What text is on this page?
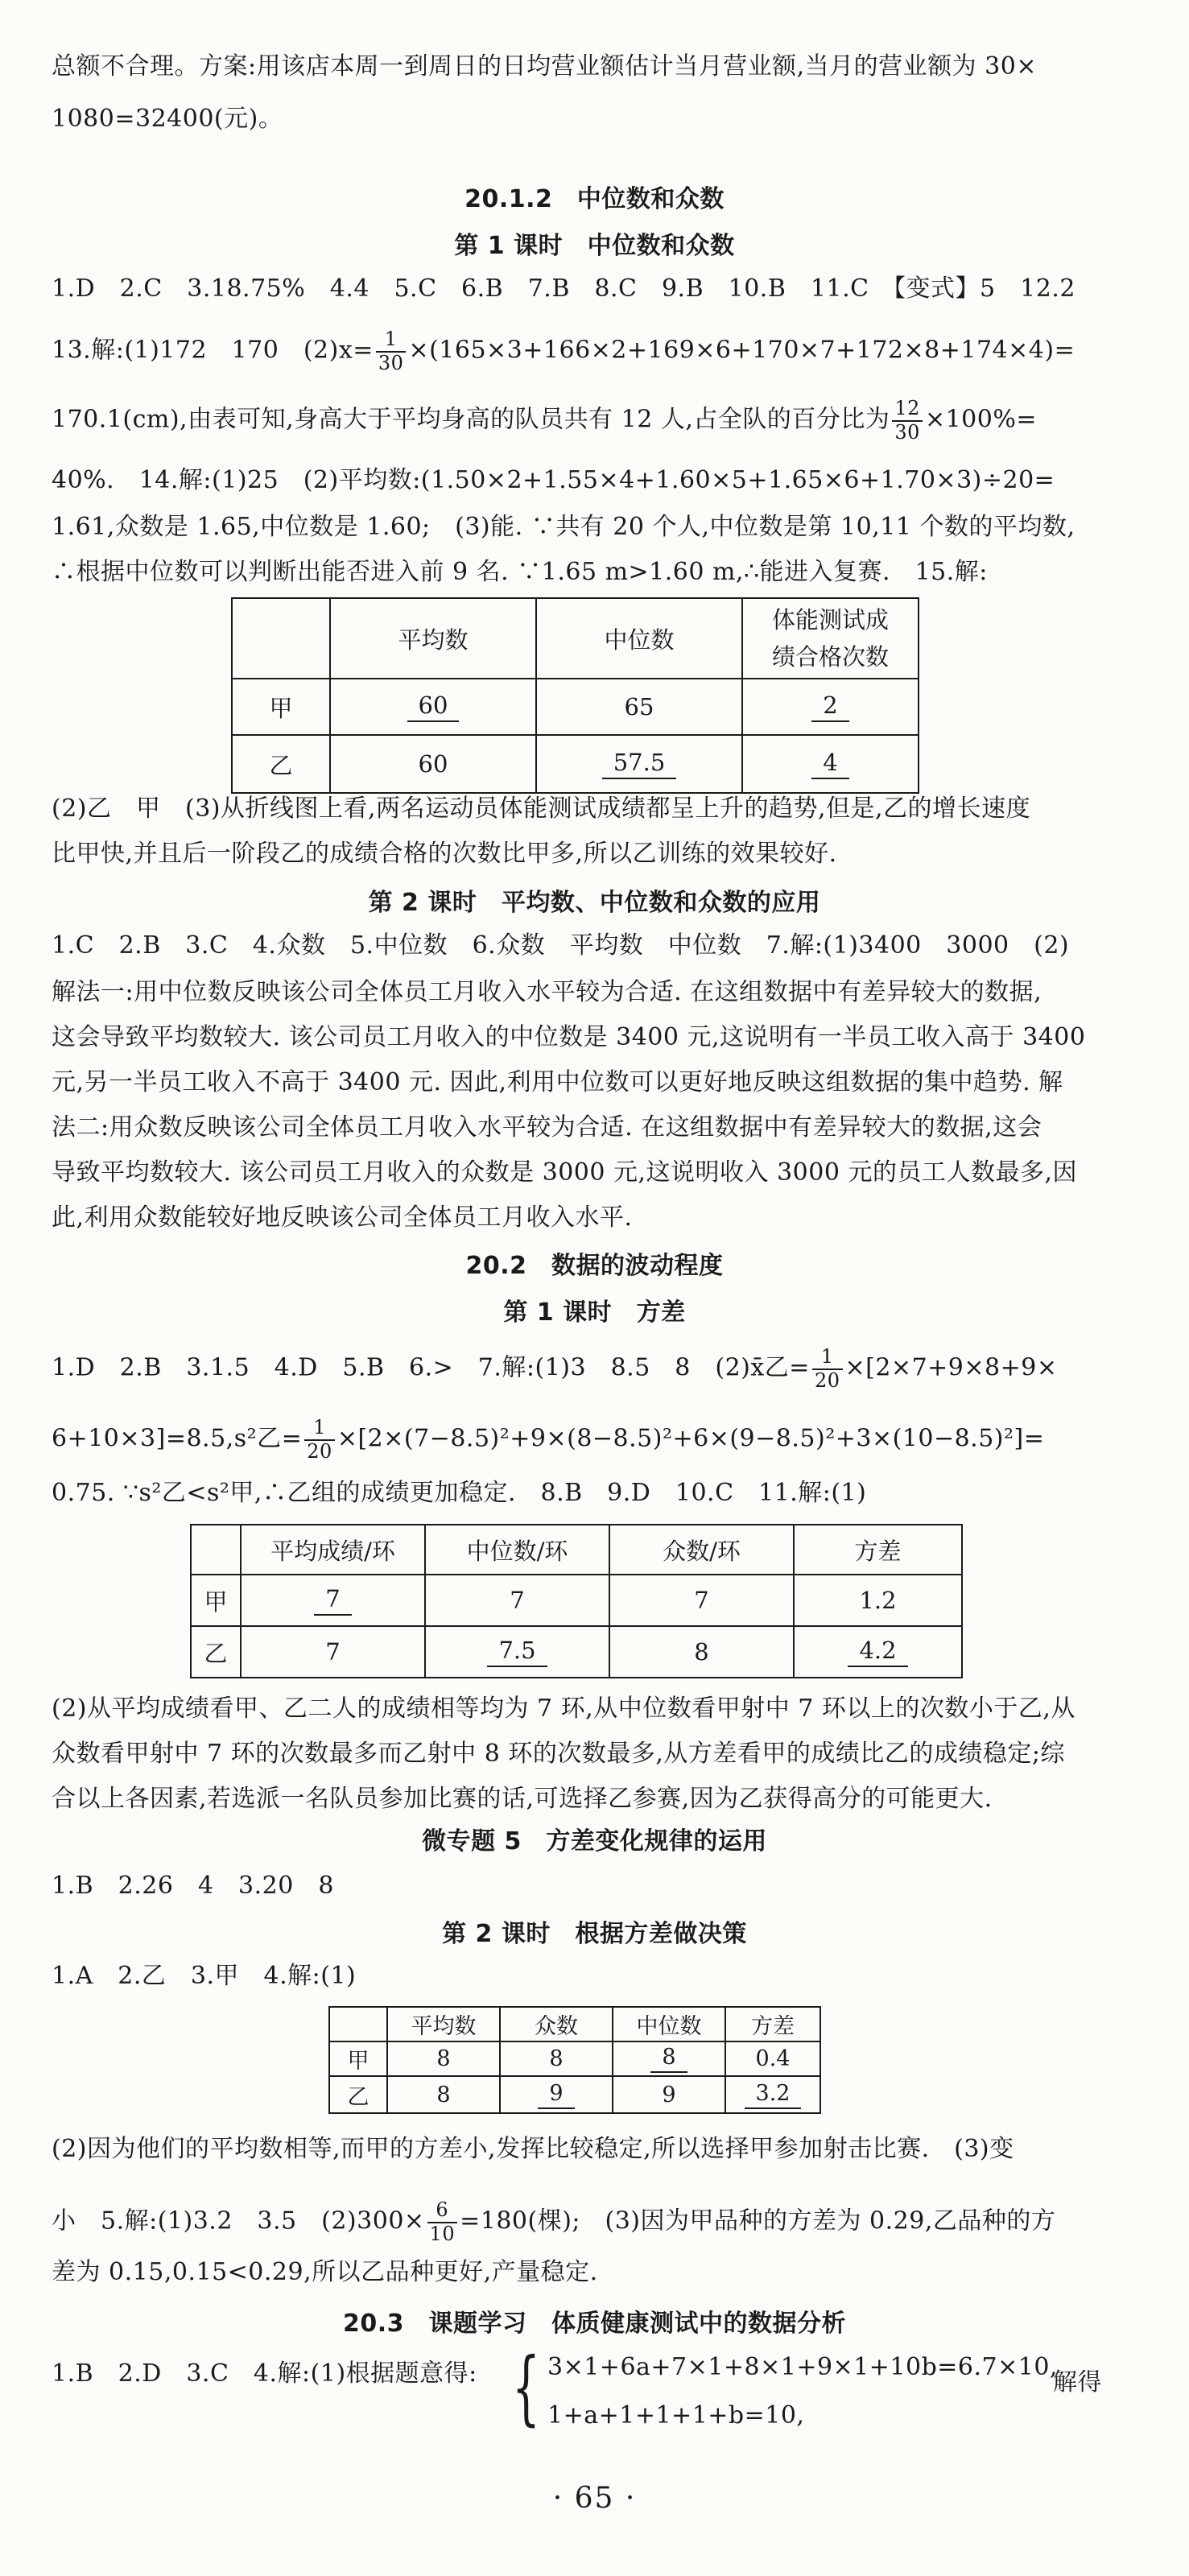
总额不合理。方案:用该店本周一到周日的日均营业额估计当月营业额,当月的营业额为 30×
1080=32400(元)。
20.1.2　中位数和众数
第 1 课时　中位数和众数
1.D　2.C　3.18.75%　4.4　5.C　6.B　7.B　8.C　9.B　10.B　11.C　【变式】5　12.2
13.解:(1)172　170　$(2)x= \frac{1}{30} \times(165\times 3+166\times 2+169\times 6+170\times 7+172\times 8+174\times 4)=$
170.1(cm),由表可知,身高大于平均身高的队员共有 12 人,占全队的百分比为 $\frac{12}{30} \times 100\%=$
40%.　14.解:(1)25　(2)平均数:(1.50×2+1.55×4+1.60×5+1.65×6+1.70×3)÷20=
1.61,众数是 1.65,中位数是 1.60;　(3)能. ∵共有 20 个人,中位数是第 10,11 个数的平均数,
∴根据中位数可以判断出能否进入前 9 名. ∵1.65 m>1.60 m,∴能进入复赛.　15.解:
	平均数	中位数	体能测试成
绩合格次数
甲	60	65	2
乙	60	57.5	4
(2)乙　甲　(3)从折线图上看,两名运动员体能测试成绩都呈上升的趋势,但是,乙的增长速度
比甲快,并且后一阶段乙的成绩合格的次数比甲多,所以乙训练的效果较好.
第 2 课时　平均数、中位数和众数的应用
1.C　2.B　3.C　4.众数　5.中位数　6.众数　平均数　中位数　7.解:(1)3400　3000　(2)
解法一:用中位数反映该公司全体员工月收入水平较为合适. 在这组数据中有差异较大的数据,
这会导致平均数较大. 该公司员工月收入的中位数是 3400 元,这说明有一半员工收入高于 3400
元,另一半员工收入不高于 3400 元. 因此,利用中位数可以更好地反映这组数据的集中趋势. 解
法二:用众数反映该公司全体员工月收入水平较为合适. 在这组数据中有差异较大的数据,这会
导致平均数较大. 该公司员工月收入的众数是 3000 元,这说明收入 3000 元的员工人数最多,因
此,利用众数能较好地反映该公司全体员工月收入水平.
20.2　数据的波动程度
第 1 课时　方差
1.D　2.B　3.1.5　4.D　5.B　6.>　7.解:(1)3　8.5　8　(2)x̄乙= $\frac{1}{20} \times[2\times 7+9\times 8+9\times$
6+10×3]=8.5,s²乙= $\frac{1}{20} \times[2\times(7-8.5)^2+9\times(8-8.5)^2+6\times(9-8.5)^2+3\times(10-8.5)^2]=$
0.75. ∵s²乙<s²甲,∴乙组的成绩更加稳定.　8.B　9.D　10.C　11.解:(1)
	平均成绩/环	中位数/环	众数/环	方差
甲	7	7	7	1.2
乙	7	7.5	8	4.2
(2)从平均成绩看甲、乙二人的成绩相等均为 7 环,从中位数看甲射中 7 环以上的次数小于乙,从
众数看甲射中 7 环的次数最多而乙射中 8 环的次数最多,从方差看甲的成绩比乙的成绩稳定;综
合以上各因素,若选派一名队员参加比赛的话,可选择乙参赛,因为乙获得高分的可能更大.
微专题 5　方差变化规律的运用
1.B　2.26　4　3.20　8
第 2 课时　根据方差做决策
1.A　2.乙　3.甲　4.解:(1)
	平均数	众数	中位数	方差
甲	8	8	8	0.4
乙	8	9	9	3.2
(2)因为他们的平均数相等,而甲的方差小,发挥比较稳定,所以选择甲参加射击比赛.　(3)变
小　5.解:(1)3.2　3.5　$(2)300\times \frac{6}{10} =180$(棵);　(3)因为甲品种的方差为 0.29,乙品种的方
差为 0.15,0.15<0.29,所以乙品种更好,产量稳定.
20.3　课题学习　体质健康测试中的数据分析
1.B　2.D　3.C　4.解:(1)根据题意得: { 3×1+6a+7×1+8×1+9×1+10b=6.7×10,
1+a+1+1+1+b=10,
解得
· 65 ·
